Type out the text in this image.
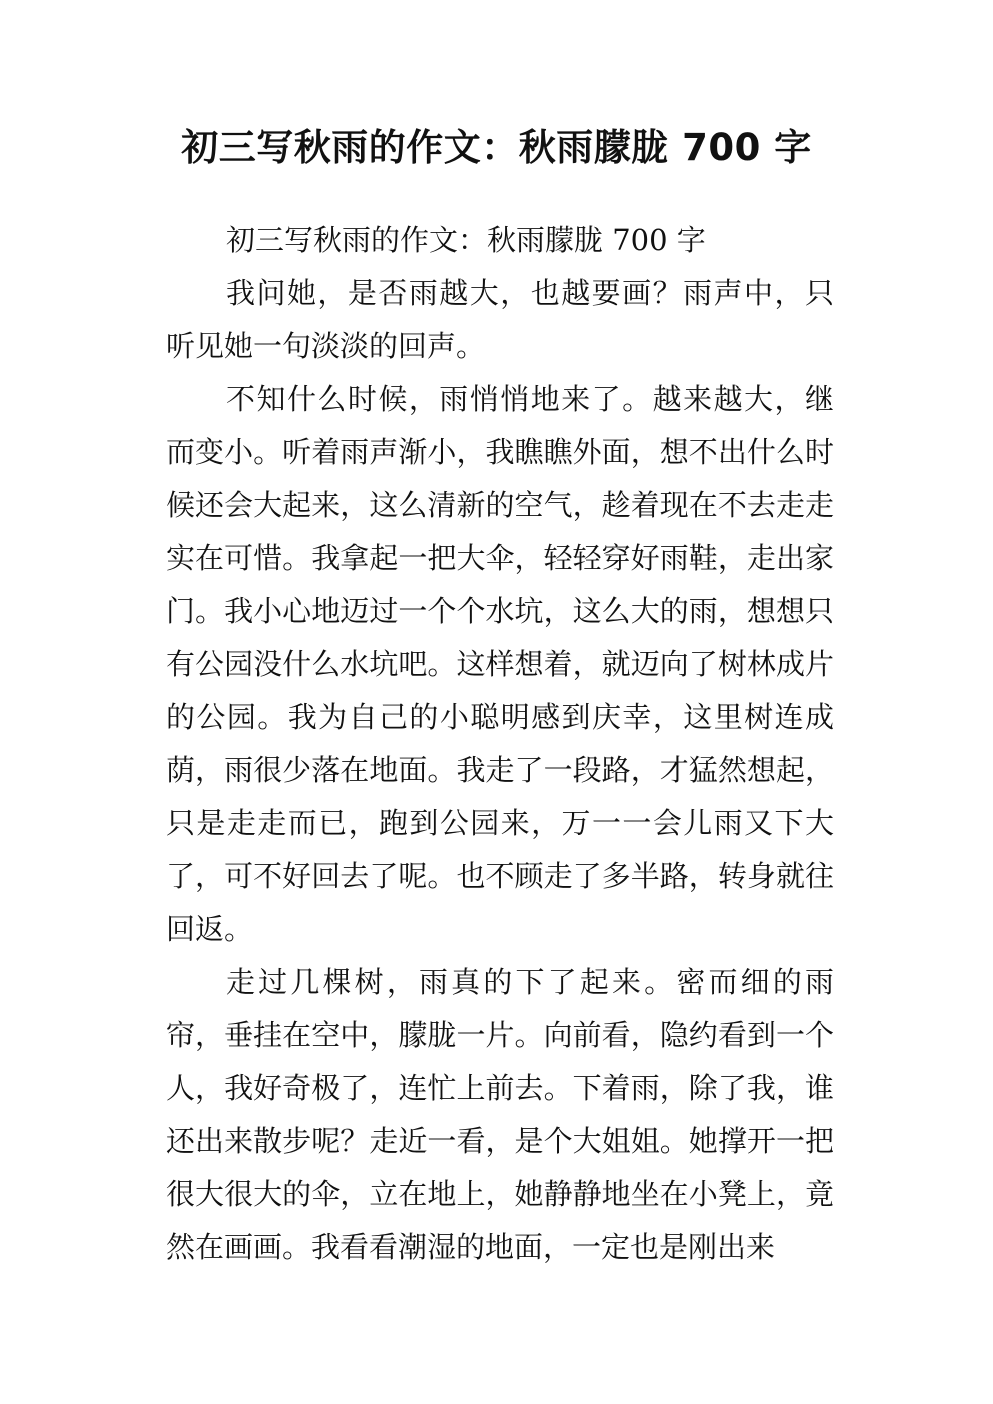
初三写秋雨的作文：秋雨朦胧 700 字

初三写秋雨的作文：秋雨朦胧 700 字

我问她，是否雨越大，也越要画？雨声中，只听见她一句淡淡的回声。

不知什么时候，雨悄悄地来了。越来越大，继而变小。听着雨声渐小，我瞧瞧外面，想不出什么时候还会大起来，这么清新的空气，趁着现在不去走走实在可惜。我拿起一把大伞，轻轻穿好雨鞋，走出家门。我小心地迈过一个个水坑，这么大的雨，想想只有公园没什么水坑吧。这样想着，就迈向了树林成片的公园。我为自己的小聪明感到庆幸，这里树连成荫，雨很少落在地面。我走了一段路，才猛然想起，只是走走而已，跑到公园来，万一一会儿雨又下大了，可不好回去了呢。也不顾走了多半路，转身就往回返。

走过几棵树，雨真的下了起来。密而细的雨帘，垂挂在空中，朦胧一片。向前看，隐约看到一个人，我好奇极了，连忙上前去。下着雨，除了我，谁还出来散步呢？走近一看，是个大姐姐。她撑开一把很大很大的伞，立在地上，她静静地坐在小凳上，竟然在画画。我看看潮湿的地面，一定也是刚出来
